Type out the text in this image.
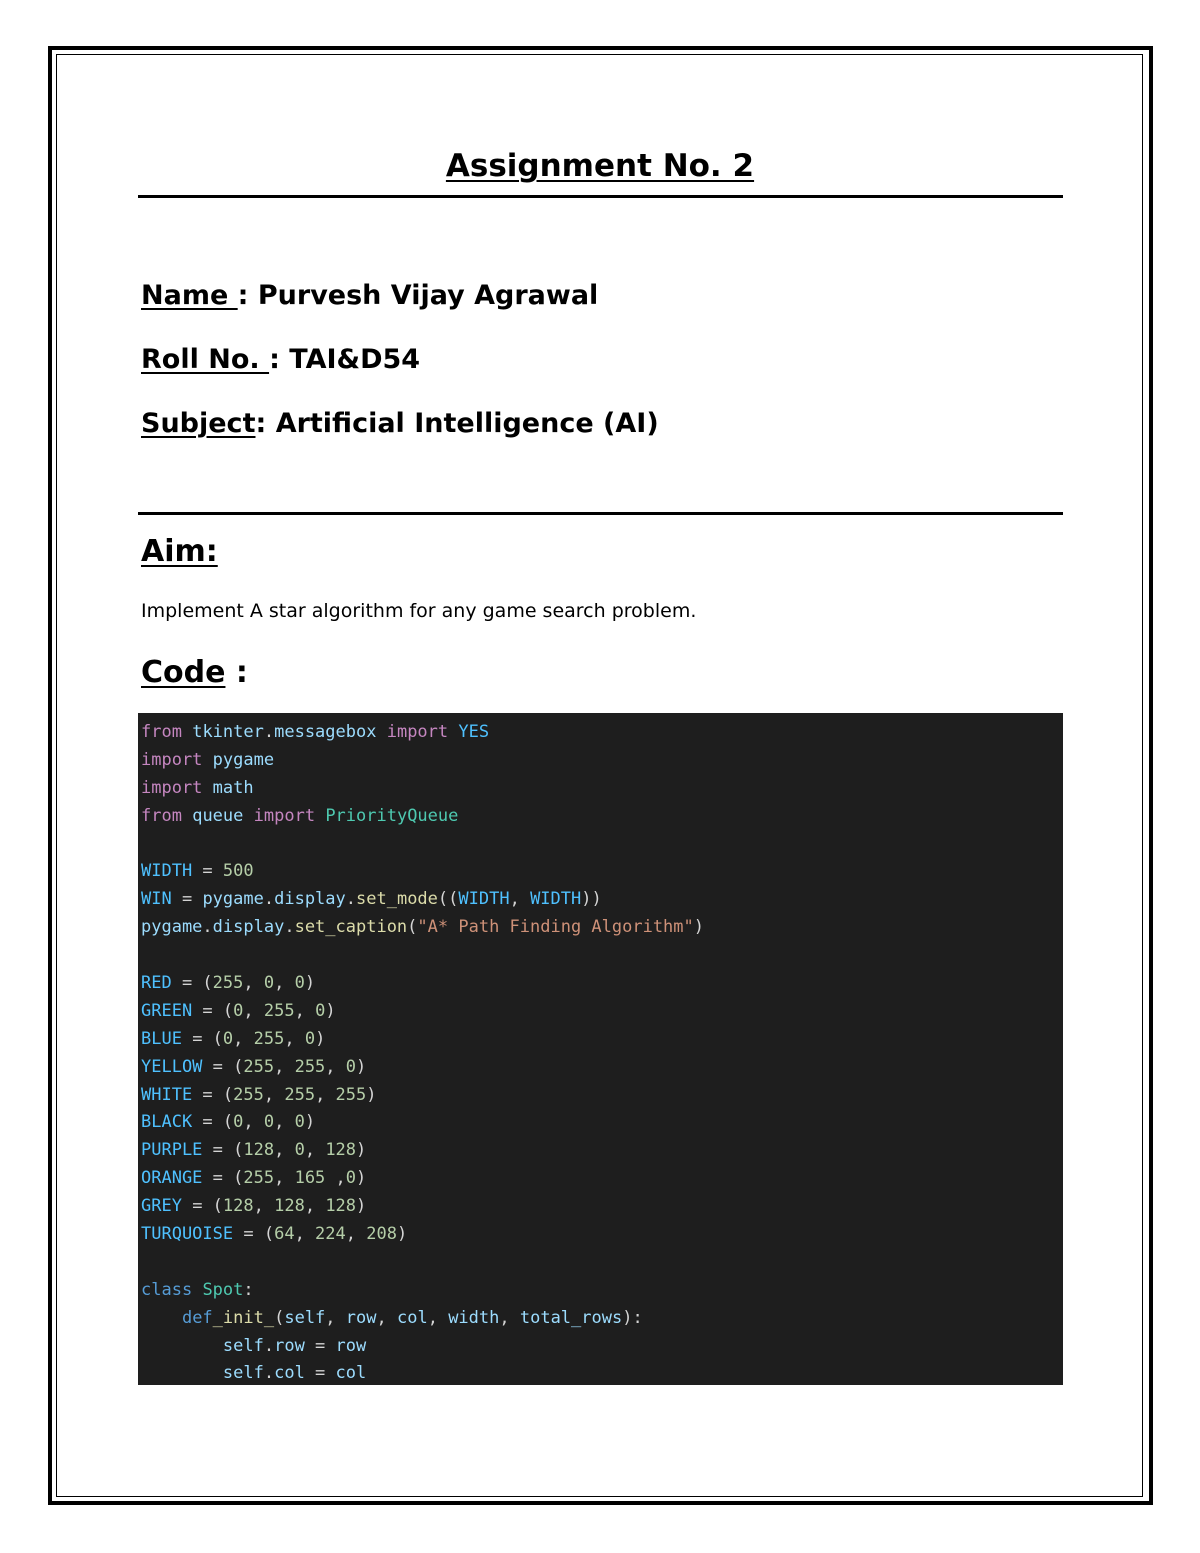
Assignment No. 2
Name : Purvesh Vijay Agrawal
Roll No. : TAI&D54
Subject: Artificial Intelligence (AI)
Aim:
Implement A star algorithm for any game search problem.
Code :
from tkinter.messagebox import YES
import pygame
import math
from queue import PriorityQueue

WIDTH = 500
WIN = pygame.display.set_mode((WIDTH, WIDTH))
pygame.display.set_caption("A* Path Finding Algorithm")

RED = (255, 0, 0)
GREEN = (0, 255, 0)
BLUE = (0, 255, 0)
YELLOW = (255, 255, 0)
WHITE = (255, 255, 255)
BLACK = (0, 0, 0)
PURPLE = (128, 0, 128)
ORANGE = (255, 165 ,0)
GREY = (128, 128, 128)
TURQUOISE = (64, 224, 208)

class Spot:
def_init_(self, row, col, width, total_rows):
self.row = row
self.col = col
